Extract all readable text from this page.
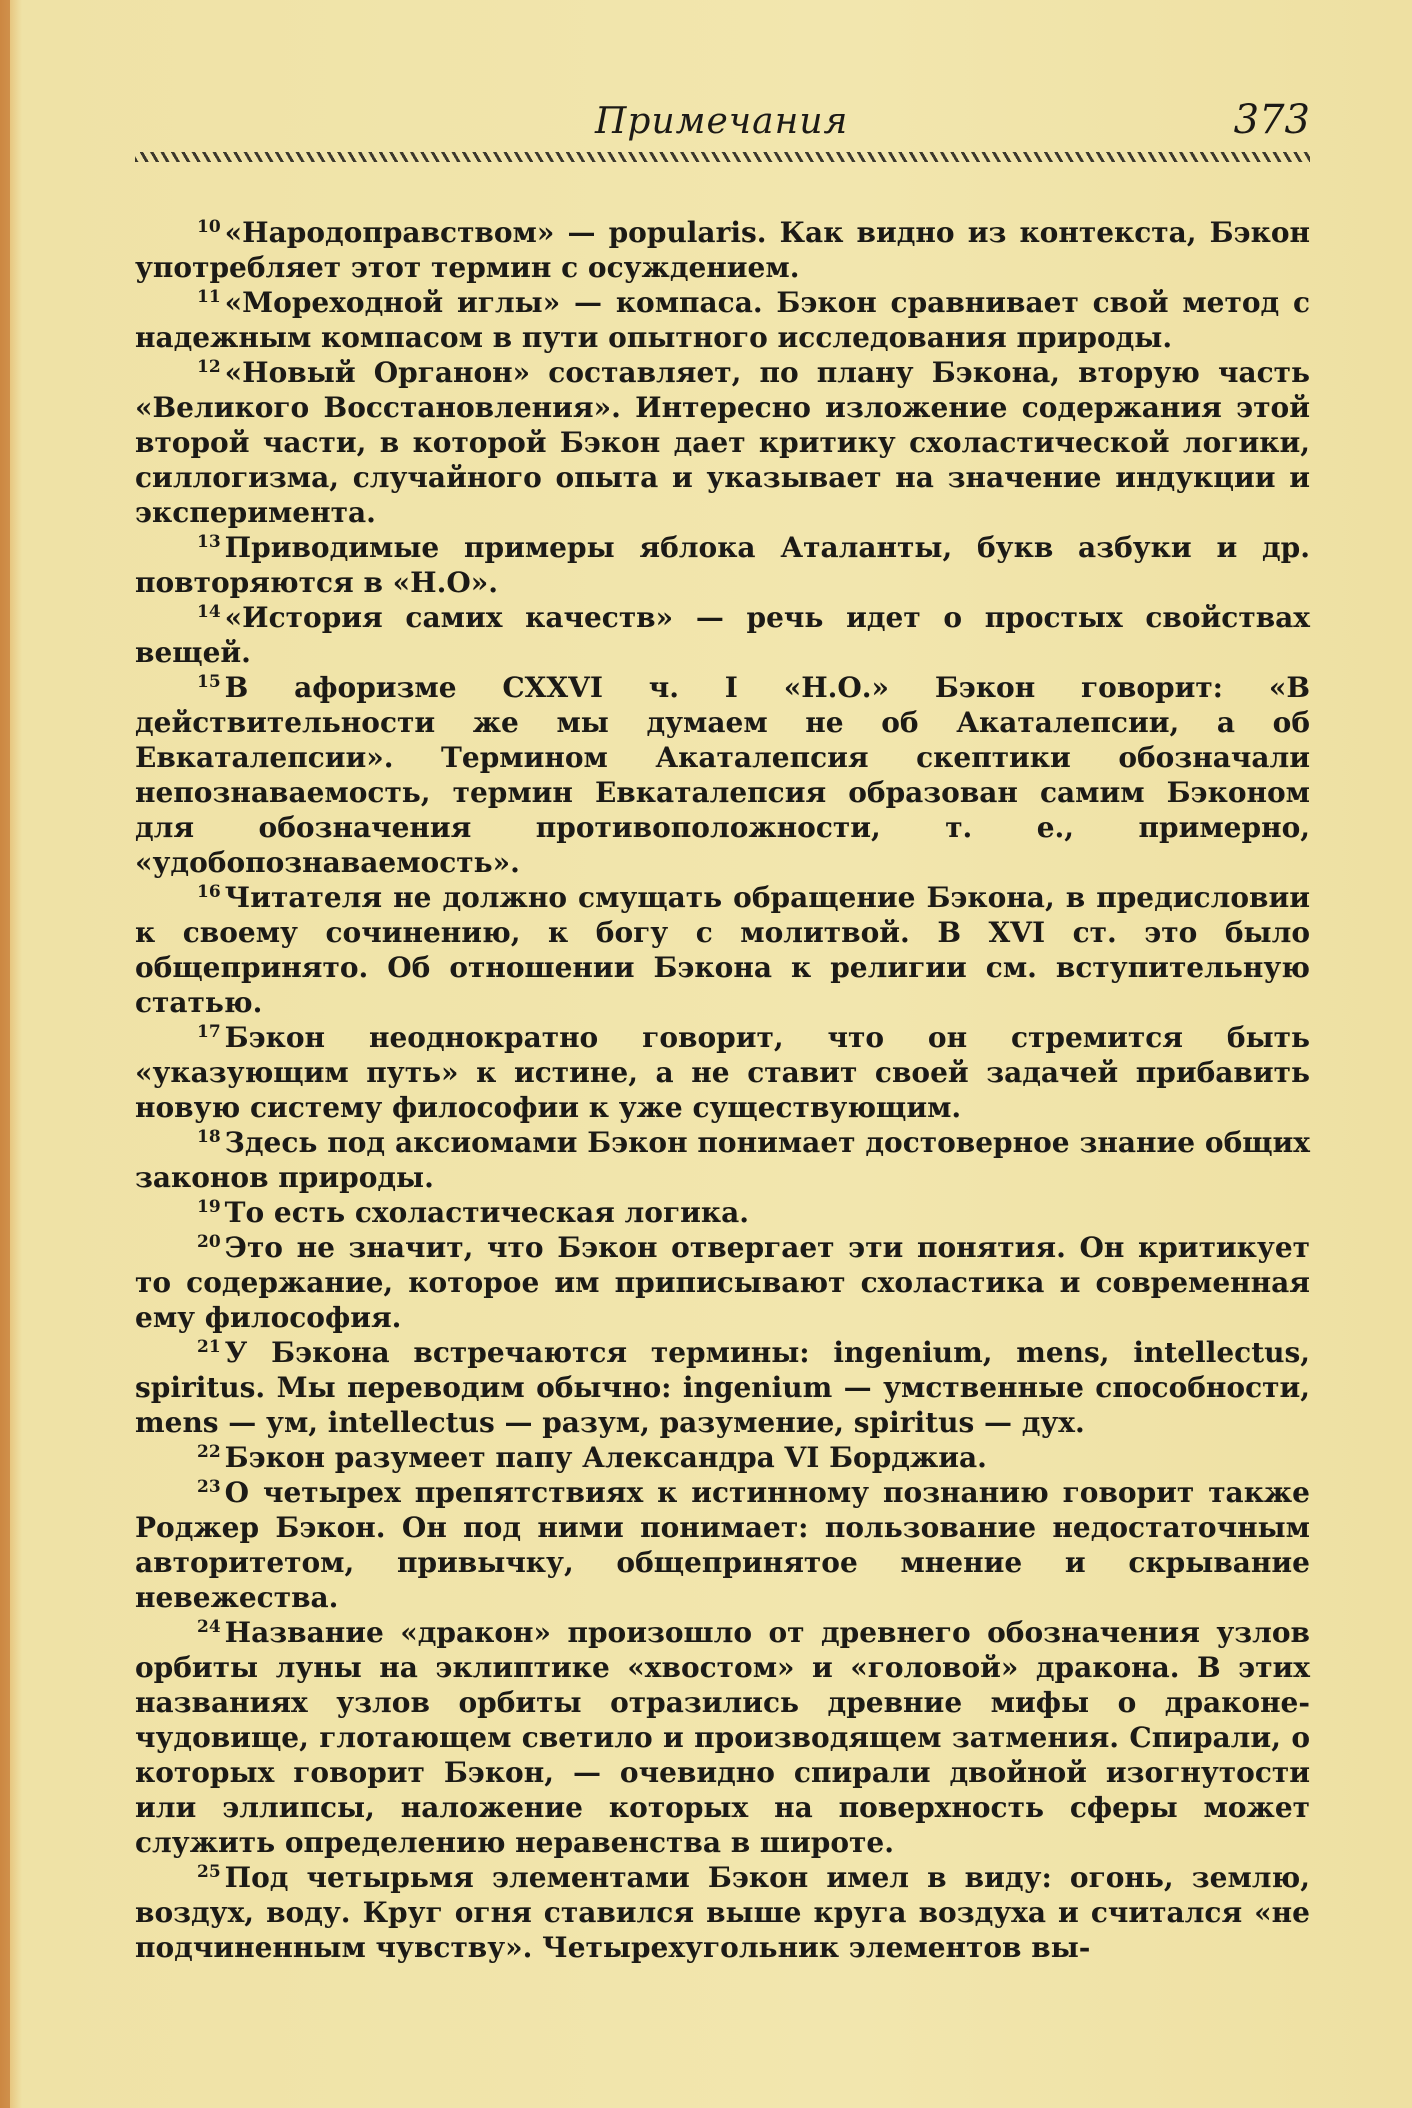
Примечания	373

$^{10}$ «Народоправством» — popularis. Как видно из контекста, Бэкон употребляет этот термин с осуждением.

$^{11}$ «Мореходной иглы» — компаса. Бэкон сравнивает свой метод с надежным компасом в пути опытного исследования природы.

$^{12}$ «Новый Органон» составляет, по плану Бэкона, вторую часть «Великого Восстановления». Интересно изложение содержания этой второй части, в которой Бэкон дает критику схоластической логики, силлогизма, случайного опыта и указывает на значение индукции и эксперимента.

$^{13}$ Приводимые примеры яблока Аталанты, букв азбуки и др. повторяются в «Н.О».

$^{14}$ «История самих качеств» — речь идет о простых свойствах вещей.

$^{15}$ В афоризме CXXVI ч. I «Н.О.» Бэкон говорит: «В действительности же мы думаем не об Акаталепсии, а об Евкаталепсии». Термином Акаталепсия скептики обозначали непознаваемость, термин Евкаталепсия образован самим Бэконом для обозначения противоположности, т. е., примерно, «удобопознаваемость».

$^{16}$ Читателя не должно смущать обращение Бэкона, в предисловии к своему сочинению, к богу с молитвой. В XVI ст. это было общепринято. Об отношении Бэкона к религии см. вступительную статью.

$^{17}$ Бэкон неоднократно говорит, что он стремится быть «указующим путь» к истине, а не ставит своей задачей прибавить новую систему философии к уже существующим.

$^{18}$ Здесь под аксиомами Бэкон понимает достоверное знание общих законов природы.

$^{19}$ То есть схоластическая логика.

$^{20}$ Это не значит, что Бэкон отвергает эти понятия. Он критикует то содержание, которое им приписывают схоластика и современная ему философия.

$^{21}$ У Бэкона встречаются термины: ingenium, mens, intellectus, spiritus. Мы переводим обычно: ingenium — умственные способности, mens — ум, intellectus — разум, разумение, spiritus — дух.

$^{22}$ Бэкон разумеет папу Александра VI Борджиа.

$^{23}$ О четырех препятствиях к истинному познанию говорит также Роджер Бэкон. Он под ними понимает: пользование недостаточным авторитетом, привычку, общепринятое мнение и скрывание невежества.

$^{24}$ Название «дракон» произошло от древнего обозначения узлов орбиты луны на эклиптике «хвостом» и «головой» дракона. В этих названиях узлов орбиты отразились древние мифы о драконе-чудовище, глотающем светило и производящем затмения. Спирали, о которых говорит Бэкон, — очевидно спирали двойной изогнутости или эллипсы, наложение которых на поверхность сферы может служить определению неравенства в широте.

$^{25}$ Под четырьмя элементами Бэкон имел в виду: огонь, землю, воздух, воду. Круг огня ставился выше круга воздуха и считался «не подчиненным чувству». Четырехугольник элементов вы-
